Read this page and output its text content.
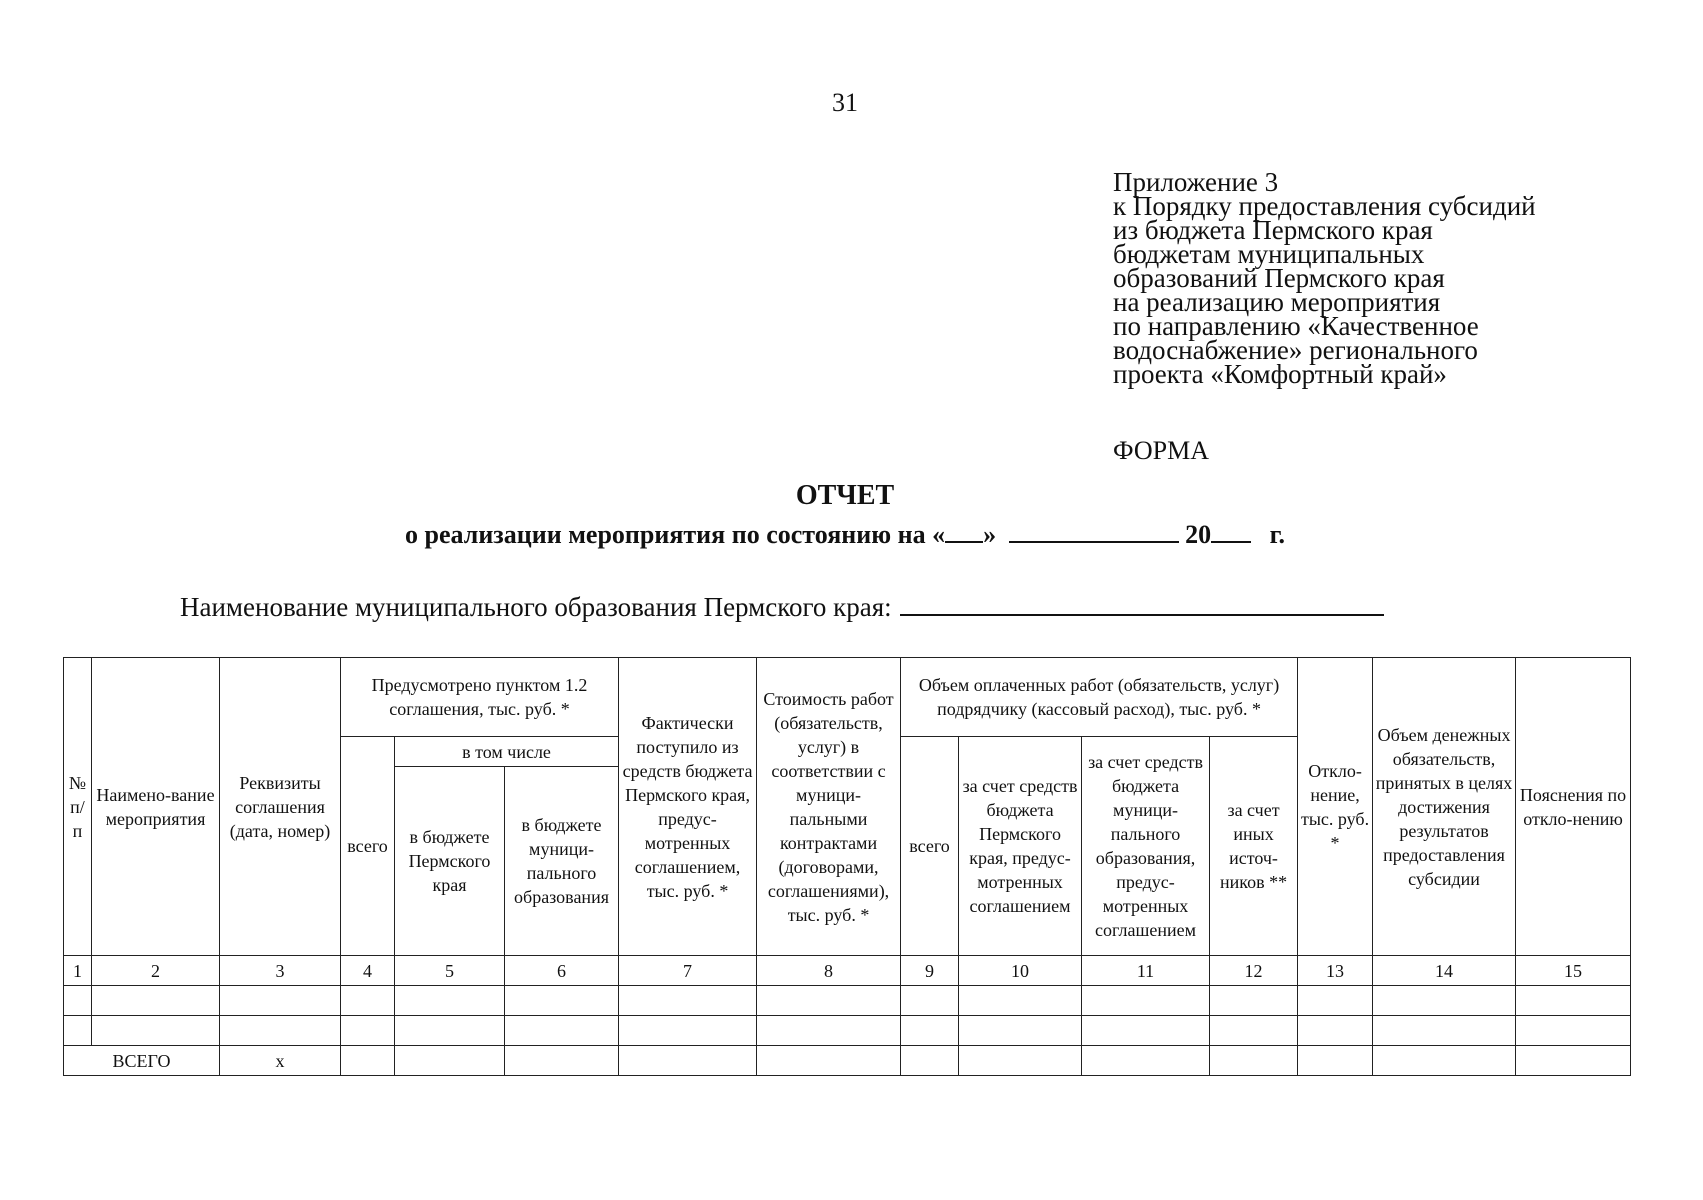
31
Приложение 3
к Порядку предоставления субсидий
из бюджета Пермского края
бюджетам муниципальных
образований Пермского края
на реализацию мероприятия
по направлению «Качественное
водоснабжение» регионального
проекта «Комфортный край»
ФОРМА
ОТЧЕТ
о реализации мероприятия по состоянию на « »	20 г.
Наименование муниципального образования Пермского края:
№ п/п	Наимено-вание мероприятия	Реквизиты соглашения (дата, номер)	Предусмотрено пунктом 1.2 соглашения, тыс. руб. *			Фактически поступило из средств бюджета Пермского края, предус-мотренных соглашением, тыс. руб. *	Стоимость работ (обязательств, услуг) в соответствии с муници-пальными контрактами (договорами, соглашениями), тыс. руб. *	Объем оплаченных работ (обязательств, услуг) подрядчику (кассовый расход), тыс. руб. *				Откло-нение, тыс. руб. *	Объем денежных обязательств, принятых в целях достижения результатов предоставления субсидии	Пояснения по откло-нению
			всего	в том числе				всего	за счет средств бюджета Пермского края, предус-мотренных соглашением	за счет средств бюджета муници-пального образования, предус-мотренных соглашением	за счет иных источ-ников **			
				в бюджете Пермского края	в бюджете муници-пального образования									
1	2	3	4	5	6	7	8	9	10	11	12	13	14	15

ВСЕГО		x												
